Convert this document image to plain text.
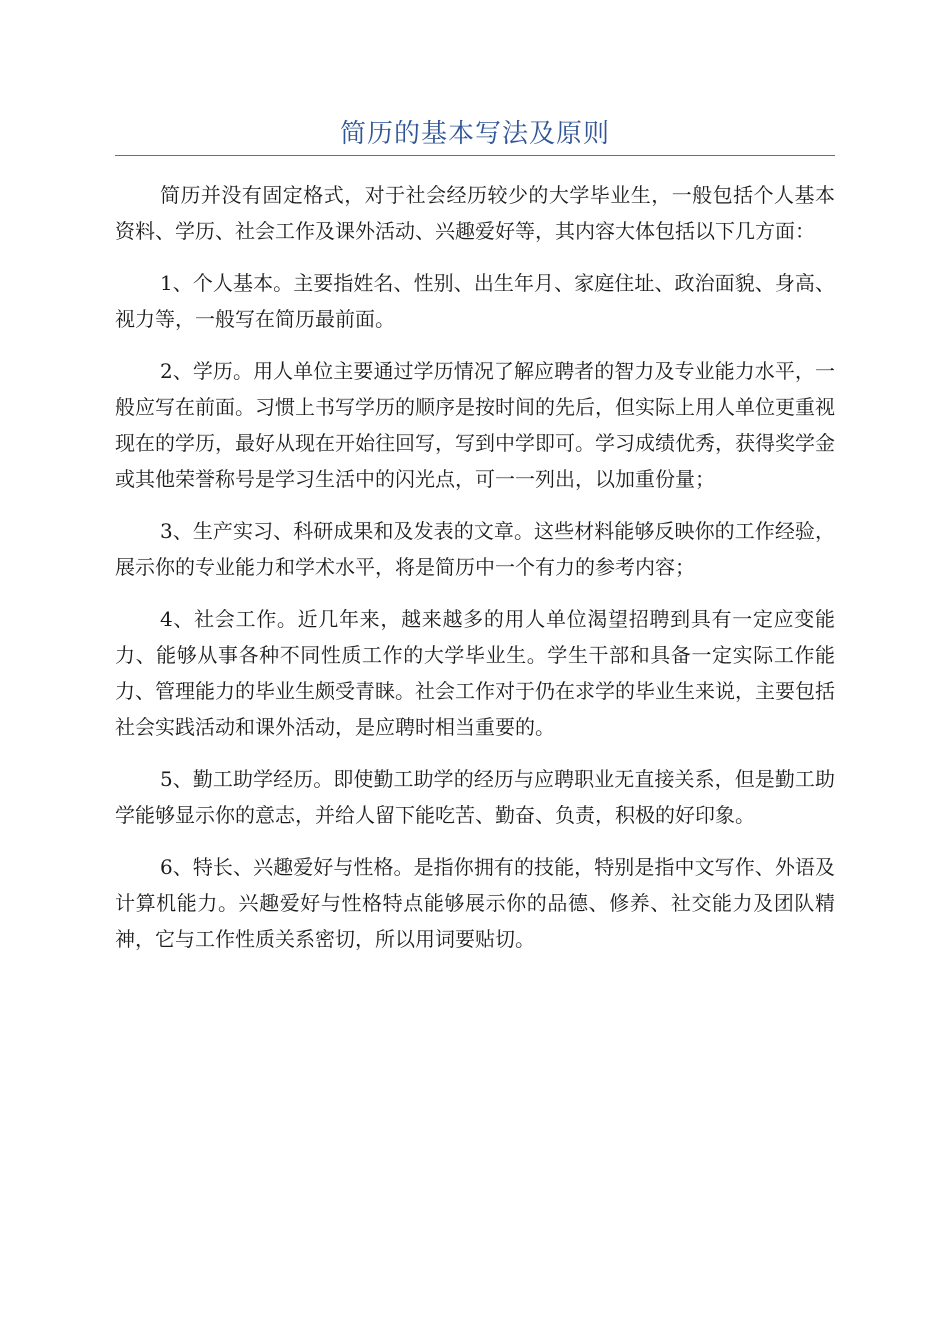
简历的基本写法及原则

简历并没有固定格式，对于社会经历较少的大学毕业生，一般包括个人基本资料、学历、社会工作及课外活动、兴趣爱好等，其内容大体包括以下几方面：

1、个人基本。主要指姓名、性别、出生年月、家庭住址、政治面貌、身高、视力等，一般写在简历最前面。

2、学历。用人单位主要通过学历情况了解应聘者的智力及专业能力水平，一般应写在前面。习惯上书写学历的顺序是按时间的先后，但实际上用人单位更重视现在的学历，最好从现在开始往回写，写到中学即可。学习成绩优秀，获得奖学金或其他荣誉称号是学习生活中的闪光点，可一一列出，以加重份量；

3、生产实习、科研成果和及发表的文章。这些材料能够反映你的工作经验，展示你的专业能力和学术水平，将是简历中一个有力的参考内容；

4、社会工作。近几年来，越来越多的用人单位渴望招聘到具有一定应变能力、能够从事各种不同性质工作的大学毕业生。学生干部和具备一定实际工作能力、管理能力的毕业生颇受青睐。社会工作对于仍在求学的毕业生来说，主要包括社会实践活动和课外活动，是应聘时相当重要的。

5、勤工助学经历。即使勤工助学的经历与应聘职业无直接关系，但是勤工助学能够显示你的意志，并给人留下能吃苦、勤奋、负责，积极的好印象。

6、特长、兴趣爱好与性格。是指你拥有的技能，特别是指中文写作、外语及计算机能力。兴趣爱好与性格特点能够展示你的品德、修养、社交能力及团队精神，它与工作性质关系密切，所以用词要贴切。
